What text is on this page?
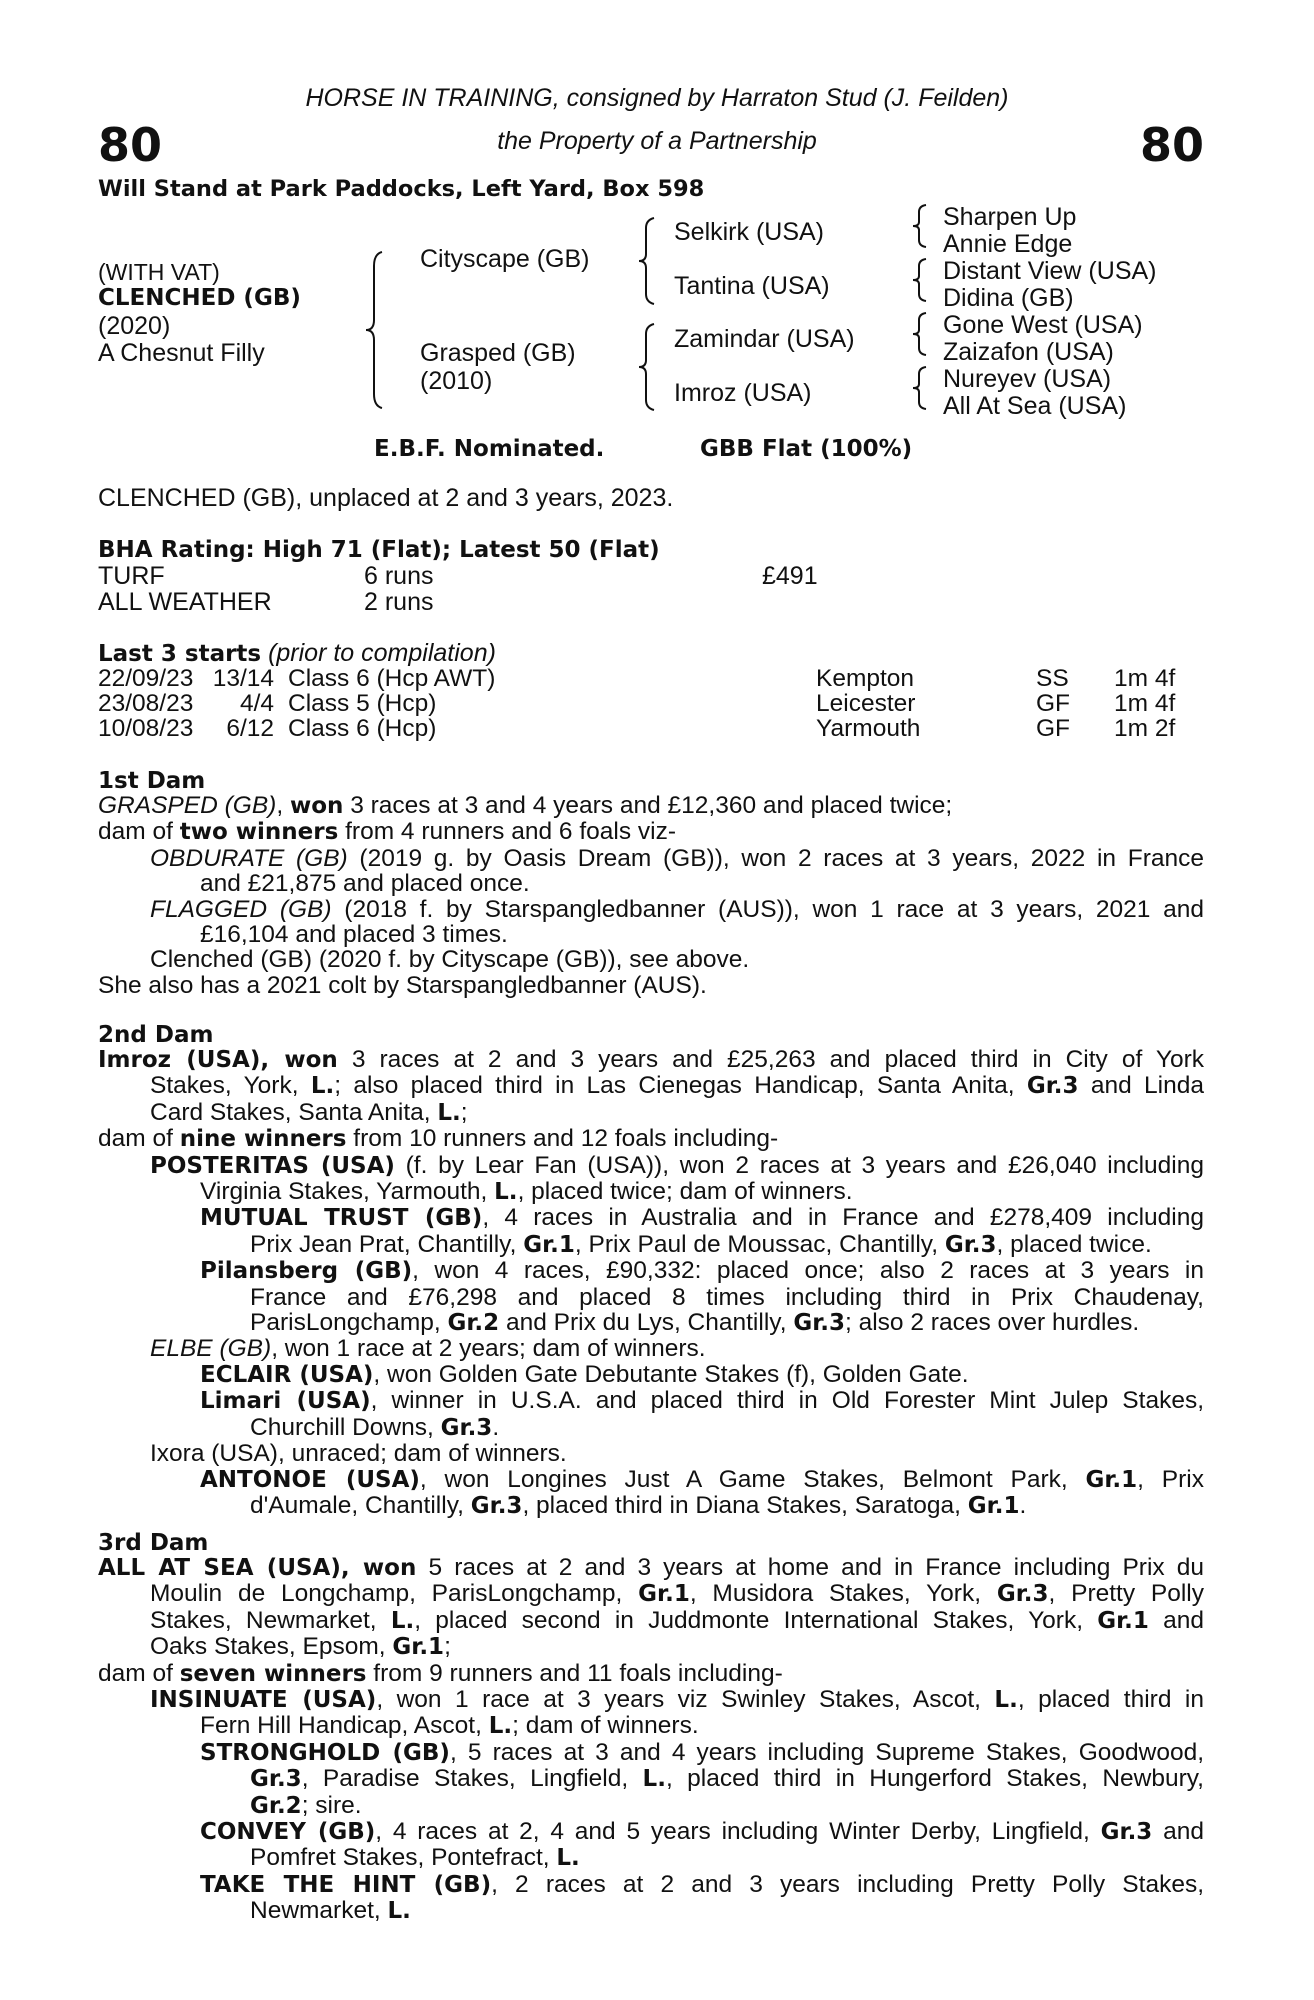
80	80
HORSE IN TRAINING, consigned by Harraton Stud (J. Feilden)
the Property of a Partnership
Will Stand at Park Paddocks, Left Yard, Box 598
(WITH VAT)
CLENCHED (GB)
(2020)
A Chesnut Filly
Cityscape (GB)
Grasped (GB)
(2010)
Selkirk (USA)
Tantina (USA)
Zamindar (USA)
Imroz (USA)
Sharpen Up
Annie Edge
Distant View (USA)
Didina (GB)
Gone West (USA)
Zaizafon (USA)
Nureyev (USA)
All At Sea (USA)
E.B.F. Nominated.	GBB Flat (100%)
CLENCHED (GB), unplaced at 2 and 3 years, 2023.
BHA Rating: High 71 (Flat); Latest 50 (Flat)
TURF	6 runs	£491
ALL WEATHER	2 runs
Last 3 starts (prior to compilation)
22/09/23	13/14		Class 6 (Hcp AWT)	Kempton	SS	1m 4f
23/08/23	4/4		Class 5 (Hcp)	Leicester	GF	1m 4f
10/08/23	6/12		Class 6 (Hcp)	Yarmouth	GF	1m 2f
1st Dam
GRASPED (GB), won 3 races at 3 and 4 years and £12,360 and placed twice;
dam of two winners from 4 runners and 6 foals viz-
OBDURATE (GB) (2019 g. by Oasis Dream (GB)), won 2 races at 3 years, 2022 in France
and £21,875 and placed once.
FLAGGED (GB) (2018 f. by Starspangledbanner (AUS)), won 1 race at 3 years, 2021 and
£16,104 and placed 3 times.
Clenched (GB) (2020 f. by Cityscape (GB)), see above.
She also has a 2021 colt by Starspangledbanner (AUS).
2nd Dam
Imroz (USA), won 3 races at 2 and 3 years and £25,263 and placed third in City of York
Stakes, York, L.; also placed third in Las Cienegas Handicap, Santa Anita, Gr.3 and Linda
Card Stakes, Santa Anita, L.;
dam of nine winners from 10 runners and 12 foals including-
POSTERITAS (USA) (f. by Lear Fan (USA)), won 2 races at 3 years and £26,040 including
Virginia Stakes, Yarmouth, L., placed twice; dam of winners.
MUTUAL TRUST (GB), 4 races in Australia and in France and £278,409 including
Prix Jean Prat, Chantilly, Gr.1, Prix Paul de Moussac, Chantilly, Gr.3, placed twice.
Pilansberg (GB), won 4 races, £90,332: placed once; also 2 races at 3 years in
France and £76,298 and placed 8 times including third in Prix Chaudenay,
ParisLongchamp, Gr.2 and Prix du Lys, Chantilly, Gr.3; also 2 races over hurdles.
ELBE (GB), won 1 race at 2 years; dam of winners.
ECLAIR (USA), won Golden Gate Debutante Stakes (f), Golden Gate.
Limari (USA), winner in U.S.A. and placed third in Old Forester Mint Julep Stakes,
Churchill Downs, Gr.3.
Ixora (USA), unraced; dam of winners.
ANTONOE (USA), won Longines Just A Game Stakes, Belmont Park, Gr.1, Prix
d'Aumale, Chantilly, Gr.3, placed third in Diana Stakes, Saratoga, Gr.1.
3rd Dam
ALL AT SEA (USA), won 5 races at 2 and 3 years at home and in France including Prix du
Moulin de Longchamp, ParisLongchamp, Gr.1, Musidora Stakes, York, Gr.3, Pretty Polly
Stakes, Newmarket, L., placed second in Juddmonte International Stakes, York, Gr.1 and
Oaks Stakes, Epsom, Gr.1;
dam of seven winners from 9 runners and 11 foals including-
INSINUATE (USA), won 1 race at 3 years viz Swinley Stakes, Ascot, L., placed third in
Fern Hill Handicap, Ascot, L.; dam of winners.
STRONGHOLD (GB), 5 races at 3 and 4 years including Supreme Stakes, Goodwood,
Gr.3, Paradise Stakes, Lingfield, L., placed third in Hungerford Stakes, Newbury,
Gr.2; sire.
CONVEY (GB), 4 races at 2, 4 and 5 years including Winter Derby, Lingfield, Gr.3 and
Pomfret Stakes, Pontefract, L.
TAKE THE HINT (GB), 2 races at 2 and 3 years including Pretty Polly Stakes,
Newmarket, L.
